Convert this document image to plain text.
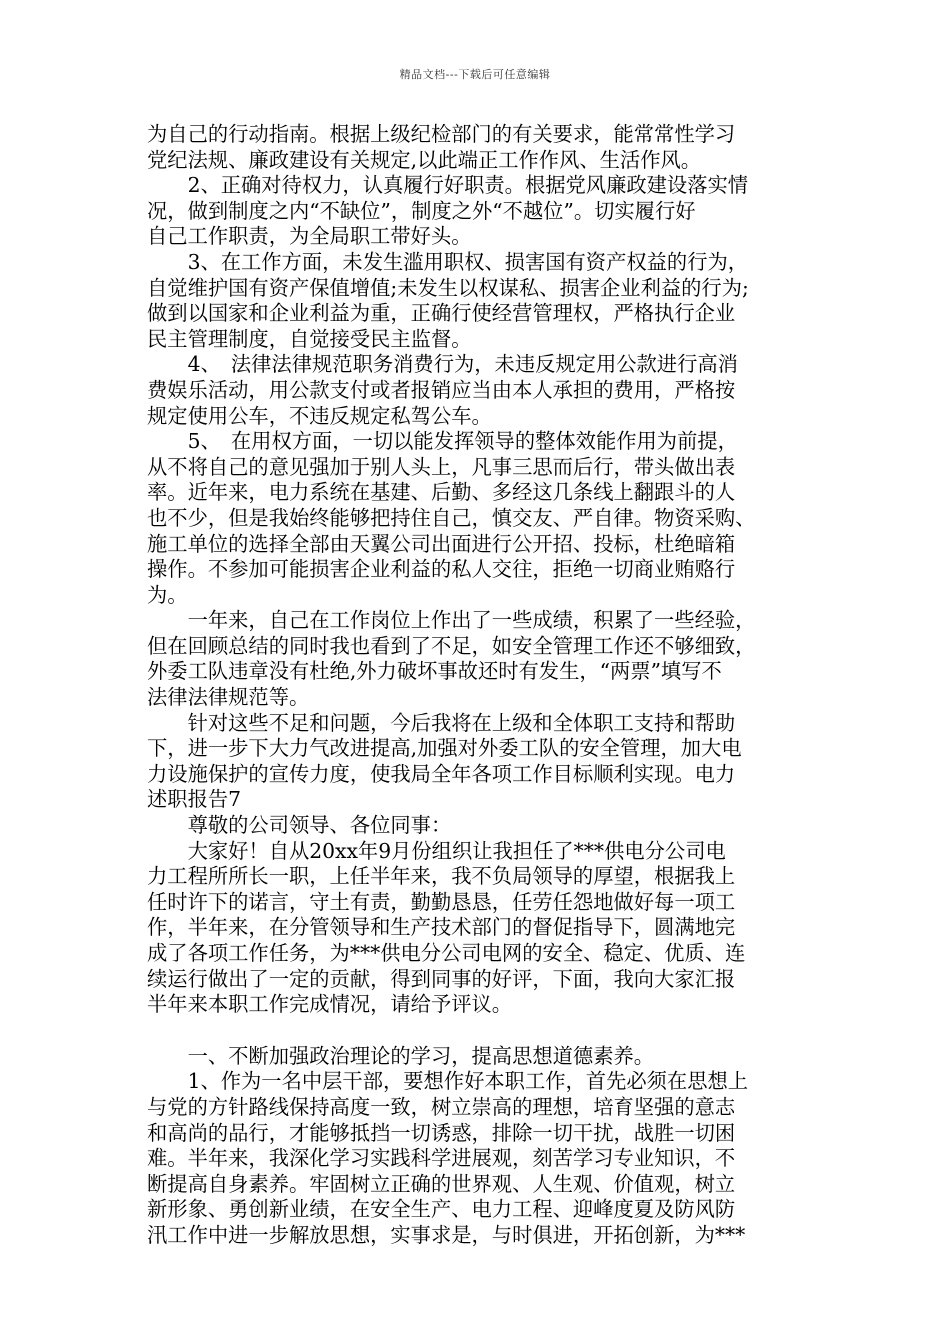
精品文档---下载后可任意编辑

为自己的行动指南。根据上级纪检部门的有关要求，能常常性学习

党纪法规、廉政建设有关规定,以此端正工作作风、生活作风。

　　2、正确对待权力，认真履行好职责。根据党风廉政建设落实情

况，做到制度之内“不缺位”，制度之外“不越位”。切实履行好

自己工作职责，为全局职工带好头。

　　3、在工作方面，未发生滥用职权、损害国有资产权益的行为，

自觉维护国有资产保值增值;未发生以权谋私、损害企业利益的行为;

做到以国家和企业利益为重，正确行使经营管理权，严格执行企业

民主管理制度，自觉接受民主监督。

　　4、　法律法律规范职务消费行为，未违反规定用公款进行高消

费娱乐活动，用公款支付或者报销应当由本人承担的费用，严格按

规定使用公车，不违反规定私驾公车。

　　5、　在用权方面，一切以能发挥领导的整体效能作用为前提，

从不将自己的意见强加于别人头上，凡事三思而后行，带头做出表

率。近年来，电力系统在基建、后勤、多经这几条线上翻跟斗的人

也不少，但是我始终能够把持住自己，慎交友、严自律。物资采购、

施工单位的选择全部由天翼公司出面进行公开招、投标，杜绝暗箱

操作。不参加可能损害企业利益的私人交往，拒绝一切商业贿赂行

为。

　　一年来，自己在工作岗位上作出了一些成绩，积累了一些经验，

但在回顾总结的同时我也看到了不足，如安全管理工作还不够细致，

外委工队违章没有杜绝,外力破坏事故还时有发生，“两票”填写不

法律法律规范等。

　　针对这些不足和问题，今后我将在上级和全体职工支持和帮助

下，进一步下大力气改进提高,加强对外委工队的安全管理，加大电

力设施保护的宣传力度，使我局全年各项工作目标顺利实现。电力

述职报告7

　　尊敬的公司领导、各位同事：

　　大家好！自从20xx年9月份组织让我担任了***供电分公司电

力工程所所长一职，上任半年来，我不负局领导的厚望，根据我上

任时许下的诺言，守土有责，勤勤恳恳，任劳任怨地做好每一项工

作，半年来，在分管领导和生产技术部门的督促指导下，圆满地完

成了各项工作任务，为***供电分公司电网的安全、稳定、优质、连

续运行做出了一定的贡献，得到同事的好评，下面，我向大家汇报

半年来本职工作完成情况，请给予评议。

　　一、不断加强政治理论的学习，提高思想道德素养。

　　1、作为一名中层干部，要想作好本职工作，首先必须在思想上

与党的方针路线保持高度一致，树立崇高的理想，培育坚强的意志

和高尚的品行，才能够抵挡一切诱惑，排除一切干扰，战胜一切困

难。半年来，我深化学习实践科学进展观，刻苦学习专业知识，不

断提高自身素养。牢固树立正确的世界观、人生观、价值观，树立

新形象、勇创新业绩，在安全生产、电力工程、迎峰度夏及防风防

汛工作中进一步解放思想，实事求是，与时俱进，开拓创新，为***
